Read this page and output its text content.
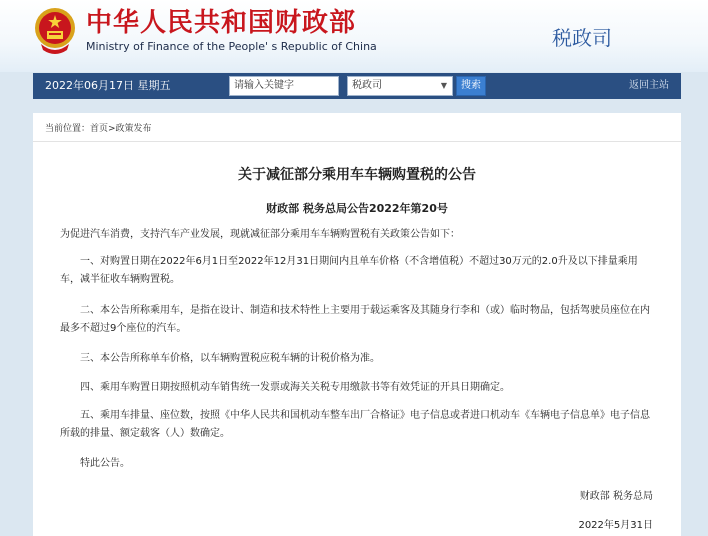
中华人民共和国财政部
Ministry of Finance of the People' s Republic of China	税政司
2022年06月17日 星期五	请输入关键字	税政司	▼	搜索	返回主站
当前位置：首页>政策发布
关于减征部分乘用车车辆购置税的公告
财政部 税务总局公告2022年第20号
为促进汽车消费，支持汽车产业发展，现就减征部分乘用车车辆购置税有关政策公告如下：
一、对购置日期在2022年6月1日至2022年12月31日期间内且单车价格（不含增值税）不超过30万元的2.0升及以下排量乘用车，减半征收车辆购置税。
二、本公告所称乘用车，是指在设计、制造和技术特性上主要用于载运乘客及其随身行李和（或）临时物品，包括驾驶员座位在内最多不超过9个座位的汽车。
三、本公告所称单车价格，以车辆购置税应税车辆的计税价格为准。
四、乘用车购置日期按照机动车销售统一发票或海关关税专用缴款书等有效凭证的开具日期确定。
五、乘用车排量、座位数，按照《中华人民共和国机动车整车出厂合格证》电子信息或者进口机动车《车辆电子信息单》电子信息所载的排量、额定载客（人）数确定。
特此公告。
财政部 税务总局
2022年5月31日
